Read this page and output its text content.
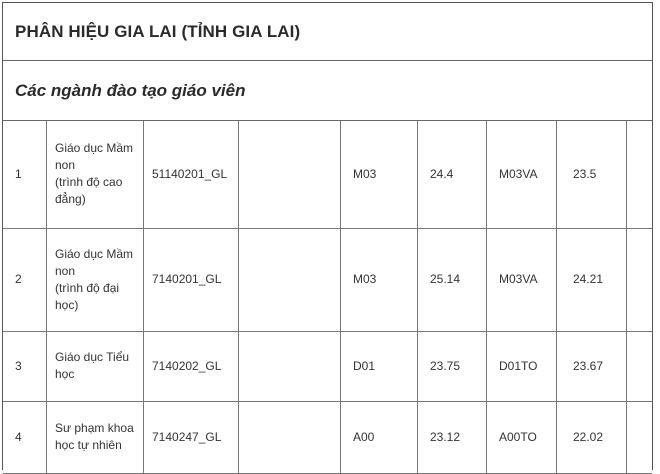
PHÂN HIỆU GIA LAI (TỈNH GIA LAI)
Các ngành đào tạo giáo viên
1	Giáo dục Mầm
non
(trình độ cao
đẳng)	51140201_GL		M03	24.4	M03VA	23.5	
2	Giáo dục Mầm
non
(trình độ đại
học)	7140201_GL		M03	25.14	M03VA	24.21	
3	Giáo dục Tiểu
học	7140202_GL		D01	23.75	D01TO	23.67	
4	Sư phạm khoa
học tự nhiên	7140247_GL		A00	23.12	A00TO	22.02	
